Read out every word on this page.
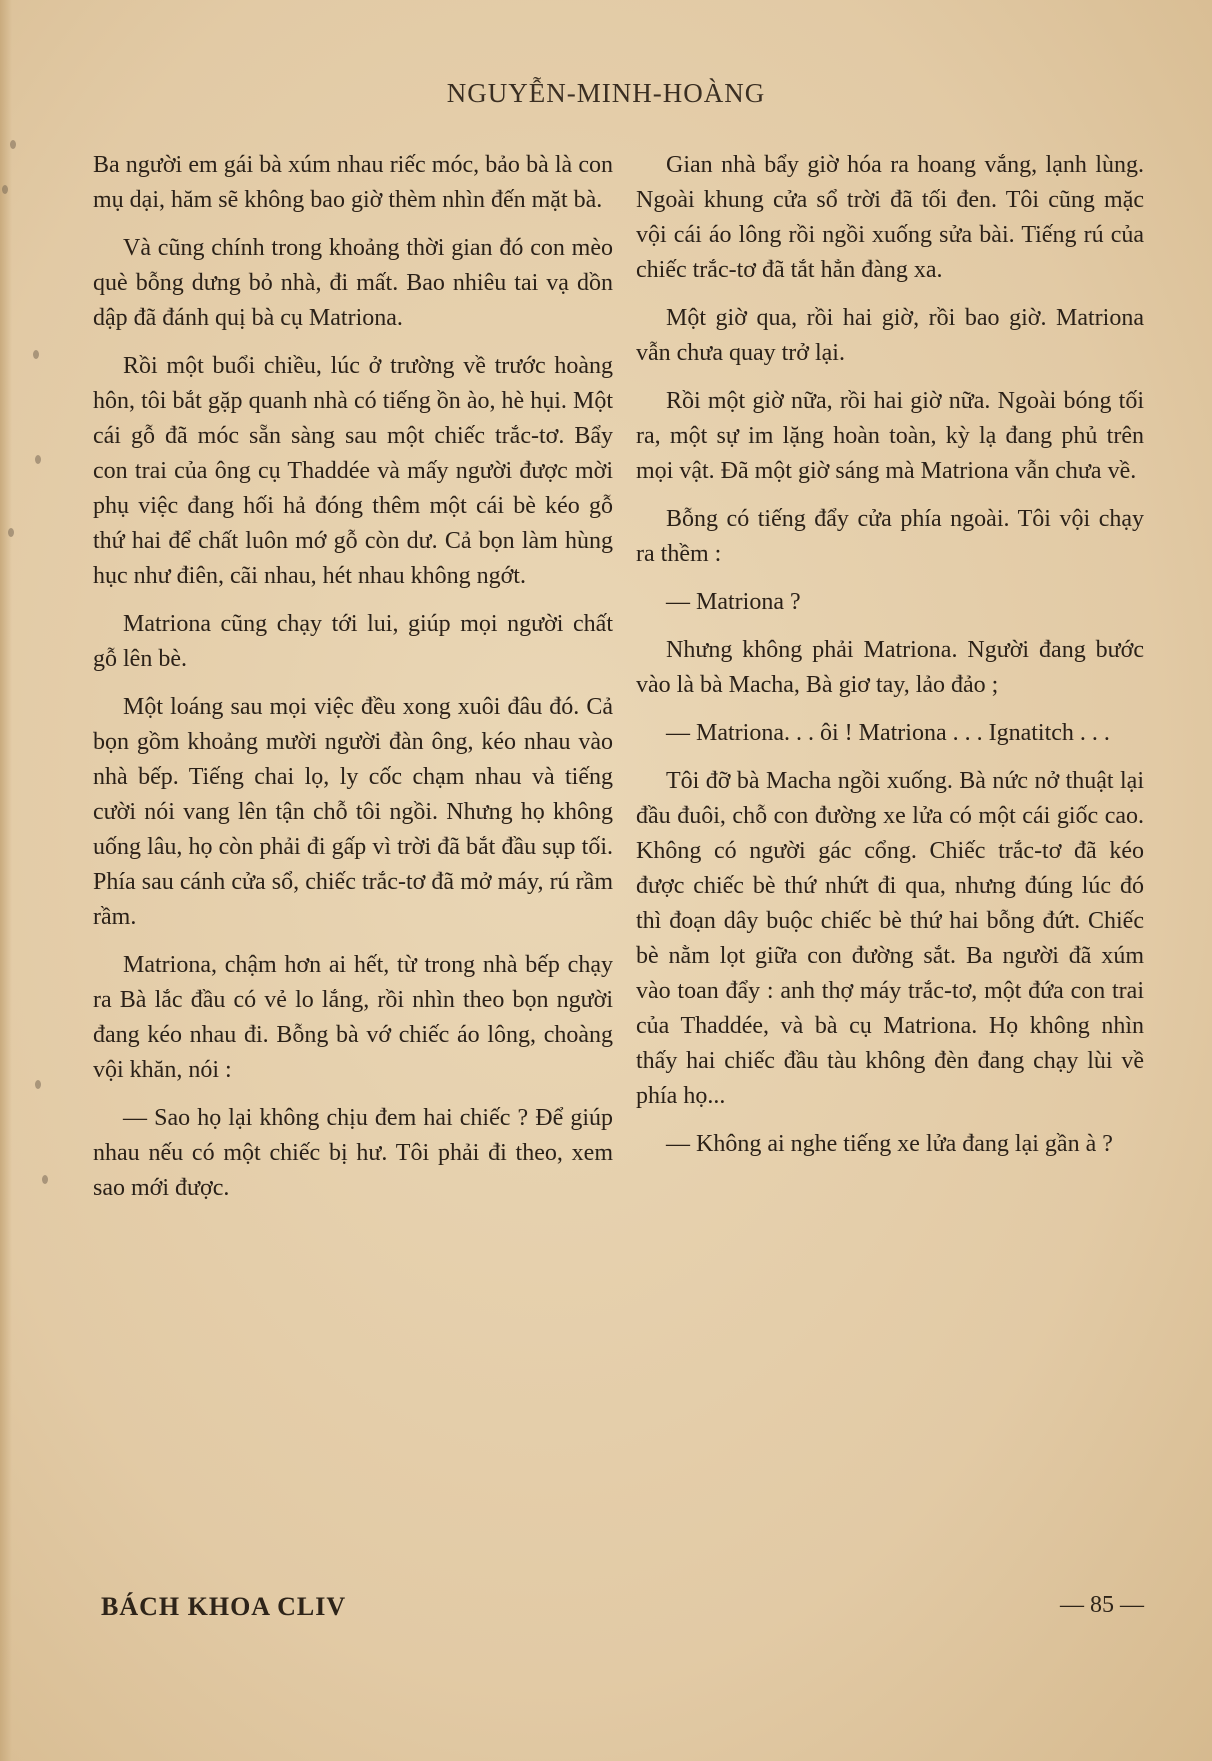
NGUYỄN-MINH-HOÀNG

Ba người em gái bà xúm nhau riếc móc, bảo bà là con mụ dại, hăm sẽ không bao giờ thèm nhìn đến mặt bà.

Và cũng chính trong khoảng thời gian đó con mèo què bỗng dưng bỏ nhà, đi mất. Bao nhiêu tai vạ dồn dập đã đánh quị bà cụ Matriona.

Rồi một buổi chiều, lúc ở trường về trước hoàng hôn, tôi bắt gặp quanh nhà có tiếng ồn ào, hè hụi. Một cái gỗ đã móc sẵn sàng sau một chiếc trắc-tơ. Bẩy con trai của ông cụ Thaddée và mấy người được mời phụ việc đang hối hả đóng thêm một cái bè kéo gỗ thứ hai để chất luôn mớ gỗ còn dư. Cả bọn làm hùng hục như điên, cãi nhau, hét nhau không ngớt.

Matriona cũng chạy tới lui, giúp mọi người chất gỗ lên bè.

Một loáng sau mọi việc đều xong xuôi đâu đó. Cả bọn gồm khoảng mười người đàn ông, kéo nhau vào nhà bếp. Tiếng chai lọ, ly cốc chạm nhau và tiếng cười nói vang lên tận chỗ tôi ngồi. Nhưng họ không uống lâu, họ còn phải đi gấp vì trời đã bắt đầu sụp tối. Phía sau cánh cửa sổ, chiếc trắc-tơ đã mở máy, rú rầm rầm.

Matriona, chậm hơn ai hết, từ trong nhà bếp chạy ra Bà lắc đầu có vẻ lo lắng, rồi nhìn theo bọn người đang kéo nhau đi. Bỗng bà vớ chiếc áo lông, choàng vội khăn, nói :

— Sao họ lại không chịu đem hai chiếc ? Để giúp nhau nếu có một chiếc bị hư. Tôi phải đi theo, xem sao mới được.

Gian nhà bẩy giờ hóa ra hoang vắng, lạnh lùng. Ngoài khung cửa sổ trời đã tối đen. Tôi cũng mặc vội cái áo lông rồi ngồi xuống sửa bài. Tiếng rú của chiếc trắc-tơ đã tắt hẳn đàng xa.

Một giờ qua, rồi hai giờ, rồi bao giờ. Matriona vẫn chưa quay trở lại.

Rồi một giờ nữa, rồi hai giờ nữa. Ngoài bóng tối ra, một sự im lặng hoàn toàn, kỳ lạ đang phủ trên mọi vật. Đã một giờ sáng mà Matriona vẫn chưa về.

Bỗng có tiếng đẩy cửa phía ngoài. Tôi vội chạy ra thềm :

— Matriona ?

Nhưng không phải Matriona. Người đang bước vào là bà Macha, Bà giơ tay, lảo đảo ;

— Matriona. . . ôi ! Matriona . . . Ignatitch . . .

Tôi đỡ bà Macha ngồi xuống. Bà nức nở thuật lại đầu đuôi, chỗ con đường xe lửa có một cái giốc cao. Không có người gác cổng. Chiếc trắc-tơ đã kéo được chiếc bè thứ nhứt đi qua, nhưng đúng lúc đó thì đoạn dây buộc chiếc bè thứ hai bỗng đứt. Chiếc bè nằm lọt giữa con đường sắt. Ba người đã xúm vào toan đẩy : anh thợ máy trắc-tơ, một đứa con trai của Thaddée, và bà cụ Matriona. Họ không nhìn thấy hai chiếc đầu tàu không đèn đang chạy lùi về phía họ...

— Không ai nghe tiếng xe lửa đang lại gần à ?

BÁCH KHOA CLIV	— 85 —
